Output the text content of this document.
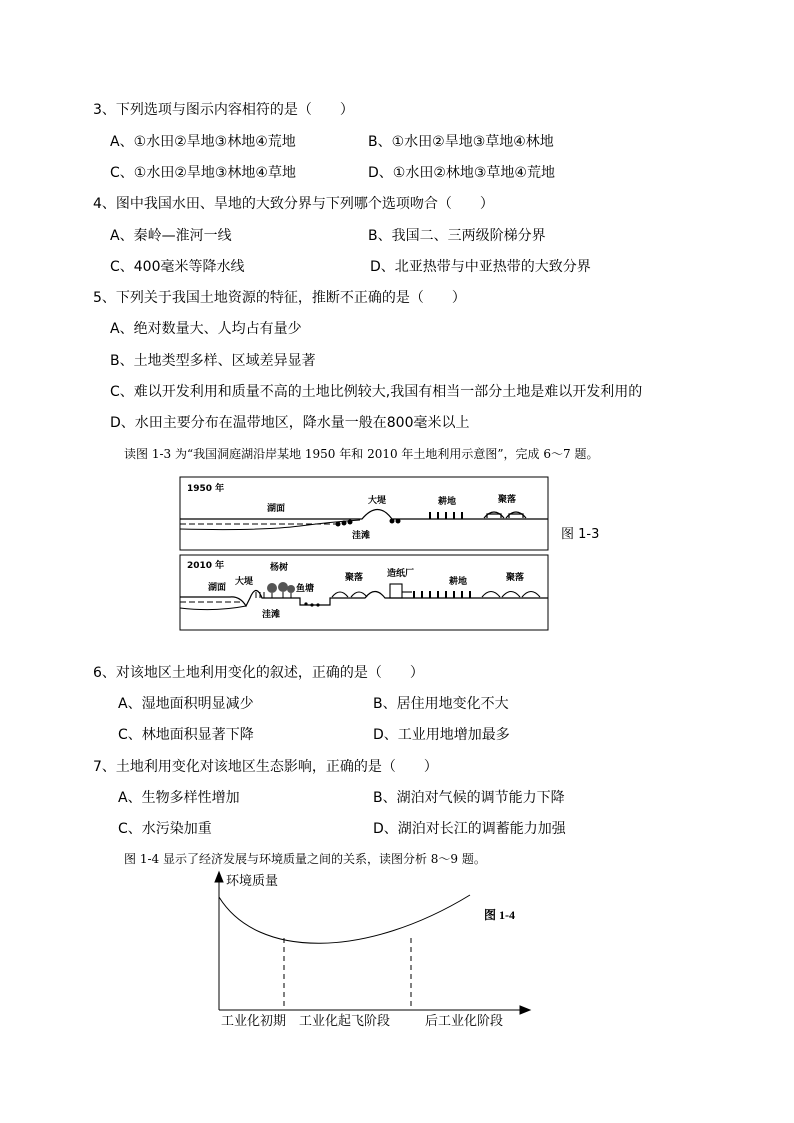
3、下列选项与图示内容相符的是（　　）
A、①水田②旱地③林地④荒地	B、①水田②旱地③草地④林地
C、①水田②旱地③林地④草地	D、①水田②林地③草地④荒地
4、图中我国水田、旱地的大致分界与下列哪个选项吻合（　　）
A、秦岭—淮河一线	B、我国二、三两级阶梯分界
C、400毫米等降水线	D、北亚热带与中亚热带的大致分界
5、下列关于我国土地资源的特征，推断不正确的是（　　）
A、绝对数量大、人均占有量少
B、土地类型多样、区域差异显著
C、难以开发利用和质量不高的土地比例较大,我国有相当一部分土地是难以开发利用的
D、水田主要分布在温带地区，降水量一般在800毫米以上
读图 1-3 为“我国洞庭湖沿岸某地 1950 年和 2010 年土地利用示意图”，完成 6～7 题。
1950 年
湖面
大堤	耕地	聚落
洼滩
2010 年
湖面
大堤
杨树
鱼塘
聚落	造纸厂
耕地	聚落
洼滩
图 1-3
6、对该地区土地利用变化的叙述，正确的是（　　）
A、湿地面积明显减少	B、居住用地变化不大
C、林地面积显著下降	D、工业用地增加最多
7、土地利用变化对该地区生态影响，正确的是（　　）
A、生物多样性增加	B、湖泊对气候的调节能力下降
C、水污染加重	D、湖泊对长江的调蓄能力加强
图 1-4 显示了经济发展与环境质量之间的关系，读图分析 8～9 题。
环境质量
图 1-4
工业化初期 工业化起飞阶段	后工业化阶段
